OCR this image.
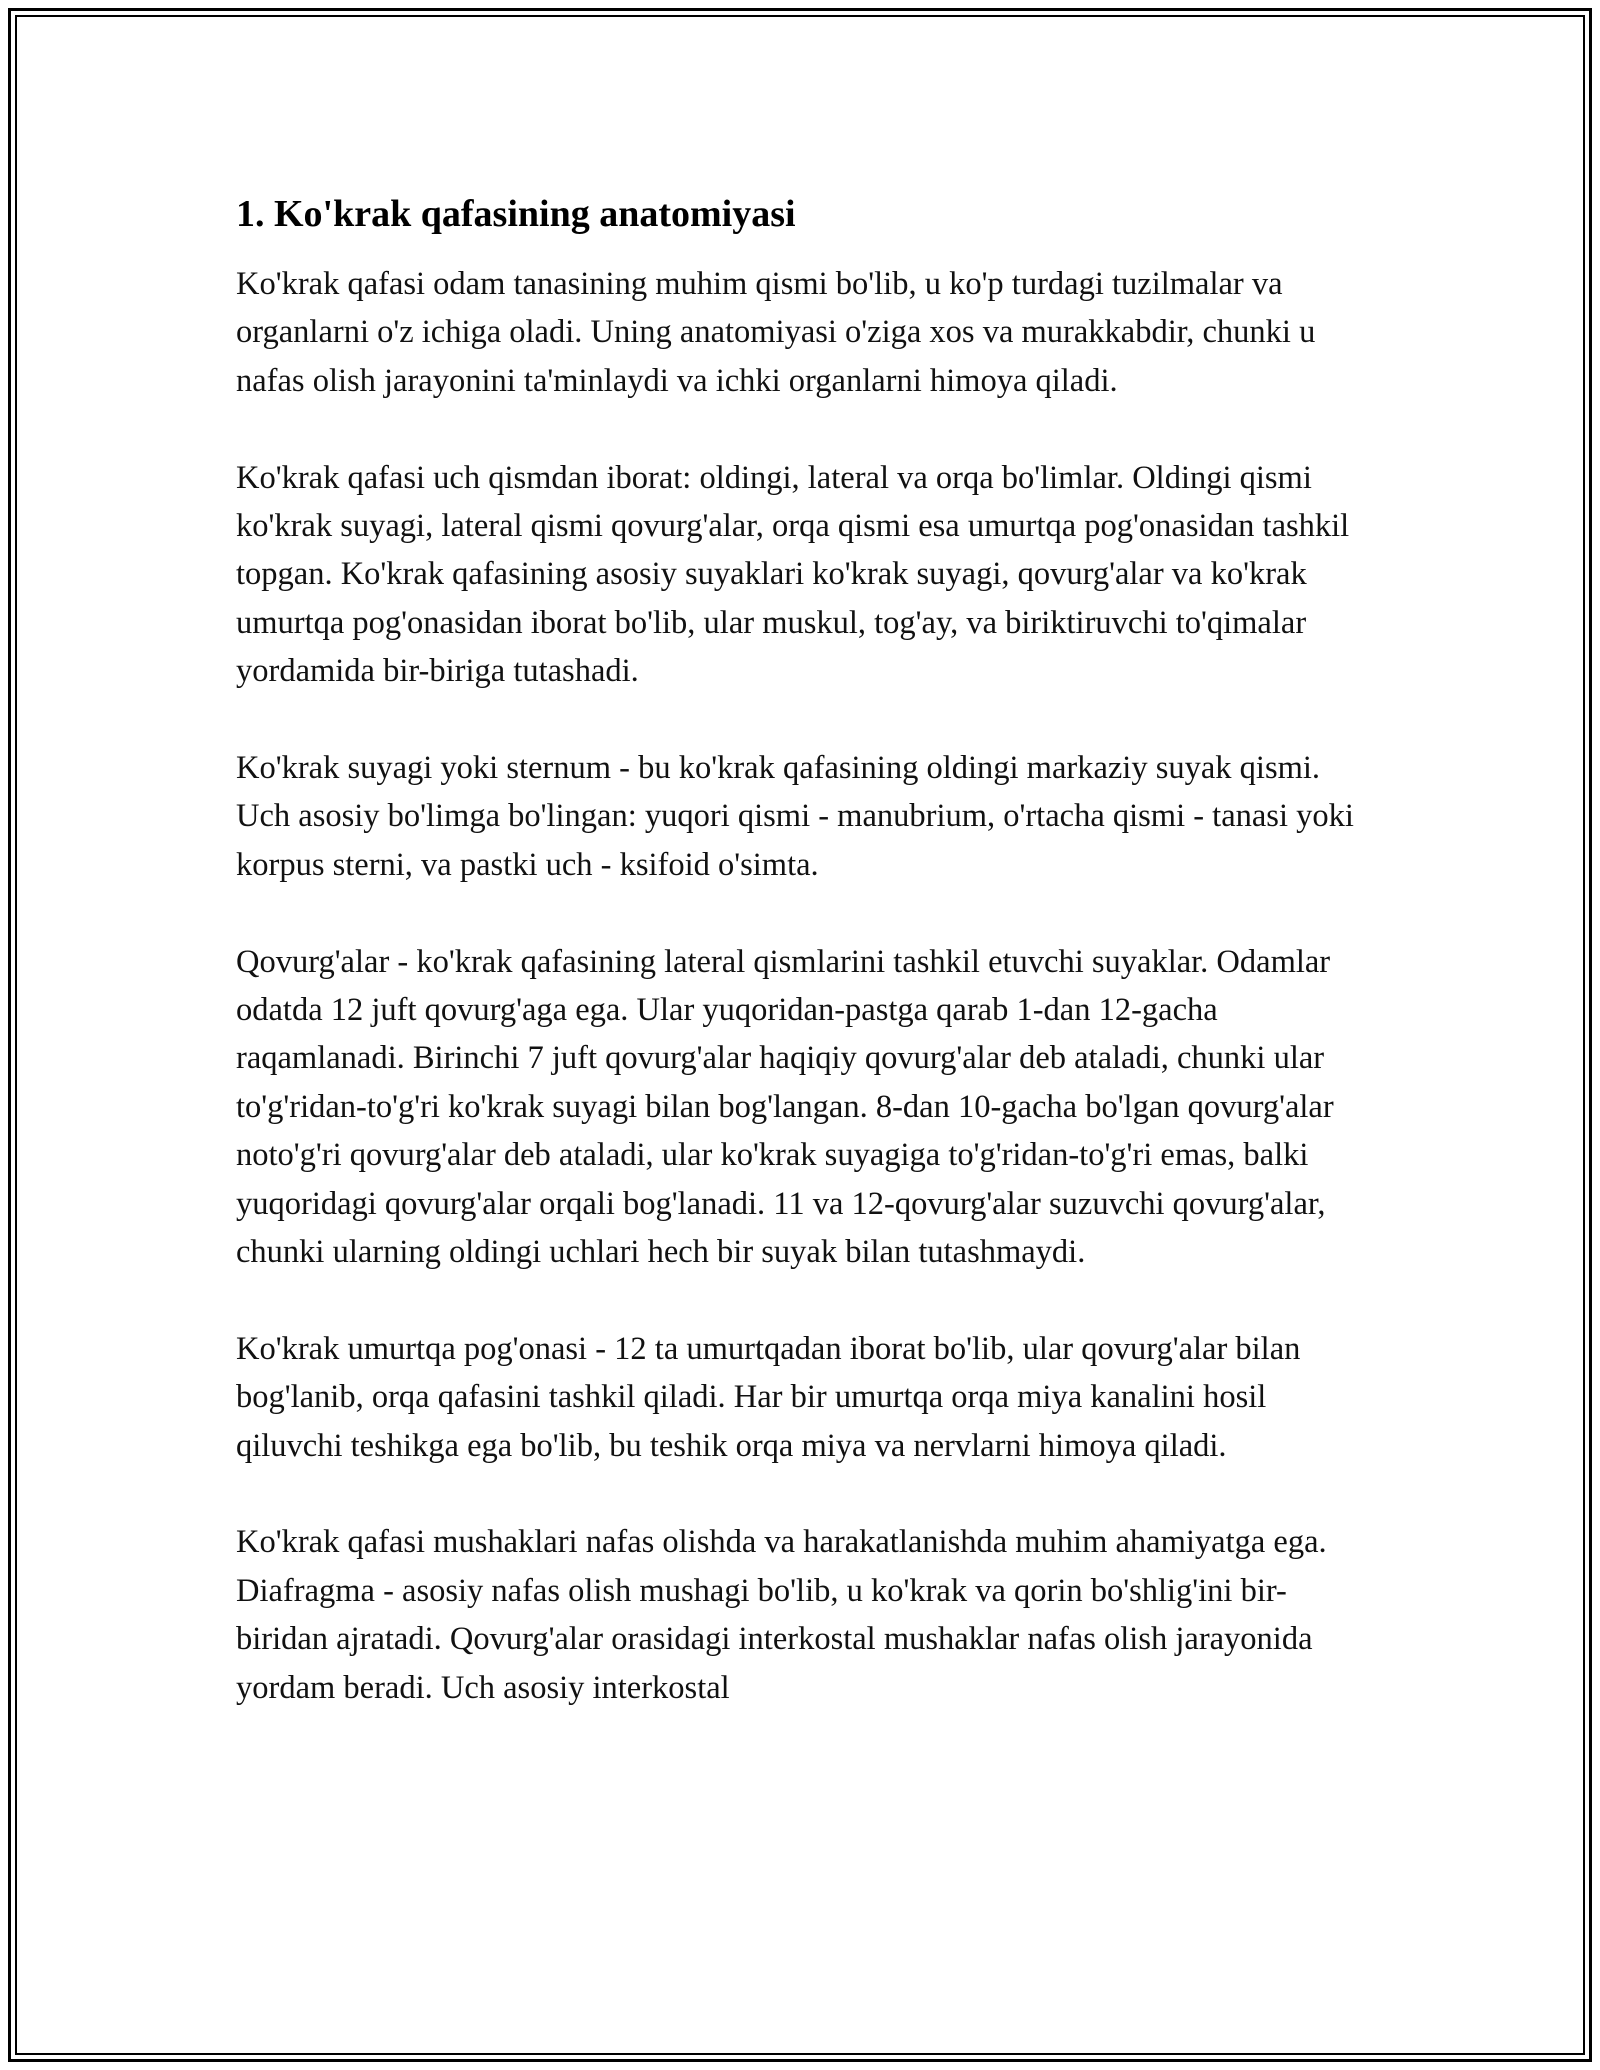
1. Ko'krak qafasining anatomiyasi

Ko'krak qafasi odam tanasining muhim qismi bo'lib, u ko'p turdagi tuzilmalar va organlarni o'z ichiga oladi. Uning anatomiyasi o'ziga xos va murakkabdir, chunki u nafas olish jarayonini ta'minlaydi va ichki organlarni himoya qiladi.

Ko'krak qafasi uch qismdan iborat: oldingi, lateral va orqa bo'limlar. Oldingi qismi ko'krak suyagi, lateral qismi qovurg'alar, orqa qismi esa umurtqa pog'onasidan tashkil topgan. Ko'krak qafasining asosiy suyaklari ko'krak suyagi, qovurg'alar va ko'krak umurtqa pog'onasidan iborat bo'lib, ular muskul, tog'ay, va biriktiruvchi to'qimalar yordamida bir-biriga tutashadi.

Ko'krak suyagi yoki sternum - bu ko'krak qafasining oldingi markaziy suyak qismi. Uch asosiy bo'limga bo'lingan: yuqori qismi - manubrium, o'rtacha qismi - tanasi yoki korpus sterni, va pastki uch - ksifoid o'simta.

Qovurg'alar - ko'krak qafasining lateral qismlarini tashkil etuvchi suyaklar. Odamlar odatda 12 juft qovurg'aga ega. Ular yuqoridan-pastga qarab 1-dan 12-gacha raqamlanadi. Birinchi 7 juft qovurg'alar haqiqiy qovurg'alar deb ataladi, chunki ular to'g'ridan-to'g'ri ko'krak suyagi bilan bog'langan. 8-dan 10-gacha bo'lgan qovurg'alar noto'g'ri qovurg'alar deb ataladi, ular ko'krak suyagiga to'g'ridan-to'g'ri emas, balki yuqoridagi qovurg'alar orqali bog'lanadi. 11 va 12-qovurg'alar suzuvchi qovurg'alar, chunki ularning oldingi uchlari hech bir suyak bilan tutashmaydi.

Ko'krak umurtqa pog'onasi - 12 ta umurtqadan iborat bo'lib, ular qovurg'alar bilan bog'lanib, orqa qafasini tashkil qiladi. Har bir umurtqa orqa miya kanalini hosil qiluvchi teshikga ega bo'lib, bu teshik orqa miya va nervlarni himoya qiladi.

Ko'krak qafasi mushaklari nafas olishda va harakatlanishda muhim ahamiyatga ega. Diafragma - asosiy nafas olish mushagi bo'lib, u ko'krak va qorin bo'shlig'ini bir-biridan ajratadi. Qovurg'alar orasidagi interkostal mushaklar nafas olish jarayonida yordam beradi. Uch asosiy interkostal
